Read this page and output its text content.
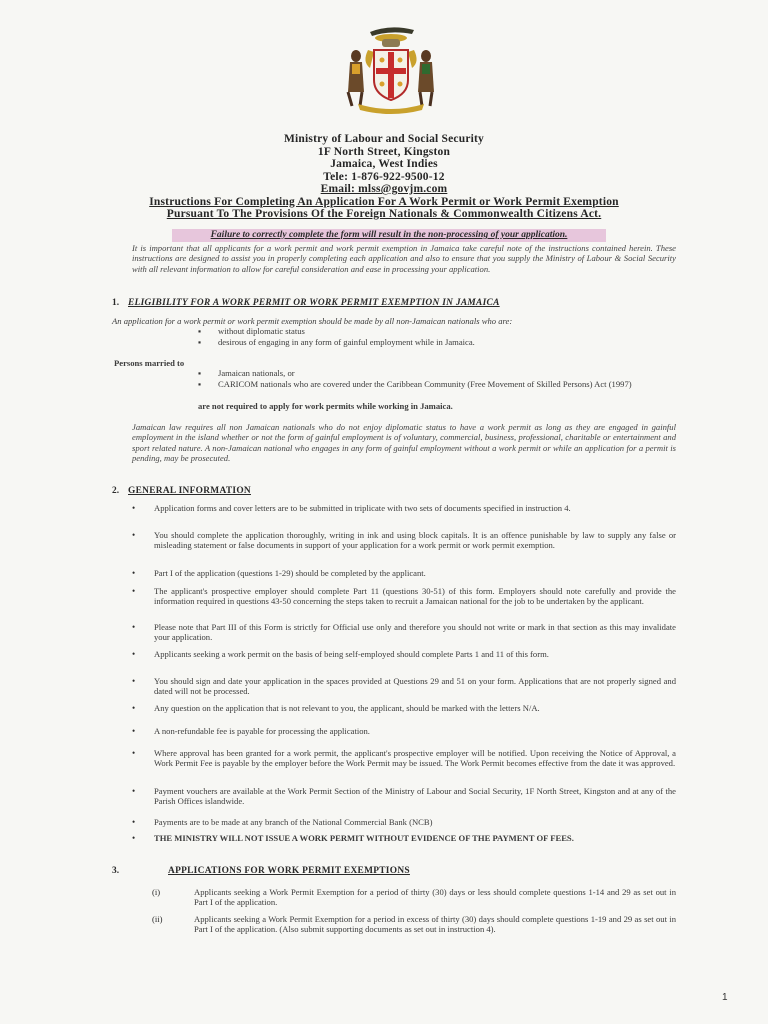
Ministry of Labour and Social Security
1F North Street, Kingston
Jamaica, West Indies
Tele: 1-876-922-9500-12
Email: mlss@govjm.com
Instructions For Completing An Application For A Work Permit or Work Permit Exemption
Pursuant To The Provisions Of the Foreign Nationals & Commonwealth Citizens Act.
Failure to correctly complete the form will result in the non-processing of your application.
It is important that all applicants for a work permit and work permit exemption in Jamaica take careful note of the instructions contained herein. These instructions are designed to assist you in properly completing each application and also to ensure that you supply the Ministry of Labour & Social Security with all relevant information to allow for careful consideration and ease in processing your application.
1. ELIGIBILITY FOR A WORK PERMIT OR WORK PERMIT EXEMPTION IN JAMAICA
An application for a work permit or work permit exemption should be made by all non-Jamaican nationals who are:
▪ without diplomatic status
▪ desirous of engaging in any form of gainful employment while in Jamaica.
Persons married to
▪ Jamaican nationals, or
▪ CARICOM nationals who are covered under the Caribbean Community (Free Movement of Skilled Persons) Act (1997)
are not required to apply for work permits while working in Jamaica.
Jamaican law requires all non Jamaican nationals who do not enjoy diplomatic status to have a work permit as long as they are engaged in gainful employment in the island whether or not the form of gainful employment is of voluntary, commercial, business, professional, charitable or entertainment and sport related nature. A non-Jamaican national who engages in any form of gainful employment without a work permit or while an application for a permit is pending, may be prosecuted.
2. GENERAL INFORMATION
• Application forms and cover letters are to be submitted in triplicate with two sets of documents specified in instruction 4.
• You should complete the application thoroughly, writing in ink and using block capitals. It is an offence punishable by law to supply any false or misleading statement or false documents in support of your application for a work permit or work permit exemption.
• Part I of the application (questions 1-29) should be completed by the applicant.
• The applicant's prospective employer should complete Part 11 (questions 30-51) of this form. Employers should note carefully and provide the information required in questions 43-50 concerning the steps taken to recruit a Jamaican national for the job to be undertaken by the applicant.
• Please note that Part III of this Form is strictly for Official use only and therefore you should not write or mark in that section as this may invalidate your application.
• Applicants seeking a work permit on the basis of being self-employed should complete Parts 1 and 11 of this form.
• You should sign and date your application in the spaces provided at Questions 29 and 51 on your form. Applications that are not properly signed and dated will not be processed.
• Any question on the application that is not relevant to you, the applicant, should be marked with the letters N/A.
• A non-refundable fee is payable for processing the application.
• Where approval has been granted for a work permit, the applicant's prospective employer will be notified. Upon receiving the Notice of Approval, a Work Permit Fee is payable by the employer before the Work Permit may be issued. The Work Permit becomes effective from the date it was approved.
• Payment vouchers are available at the Work Permit Section of the Ministry of Labour and Social Security, 1F North Street, Kingston and at any of the Parish Offices islandwide.
• Payments are to be made at any branch of the National Commercial Bank (NCB)
• THE MINISTRY WILL NOT ISSUE A WORK PERMIT WITHOUT EVIDENCE OF THE PAYMENT OF FEES.
3.	APPLICATIONS FOR WORK PERMIT EXEMPTIONS
(i)	Applicants seeking a Work Permit Exemption for a period of thirty (30) days or less should complete questions 1-14 and 29 as set out in Part I of the application.
(ii)	Applicants seeking a Work Permit Exemption for a period in excess of thirty (30) days should complete questions 1-19 and 29 as set out in Part I of the application. (Also submit supporting documents as set out in instruction 4).
1
